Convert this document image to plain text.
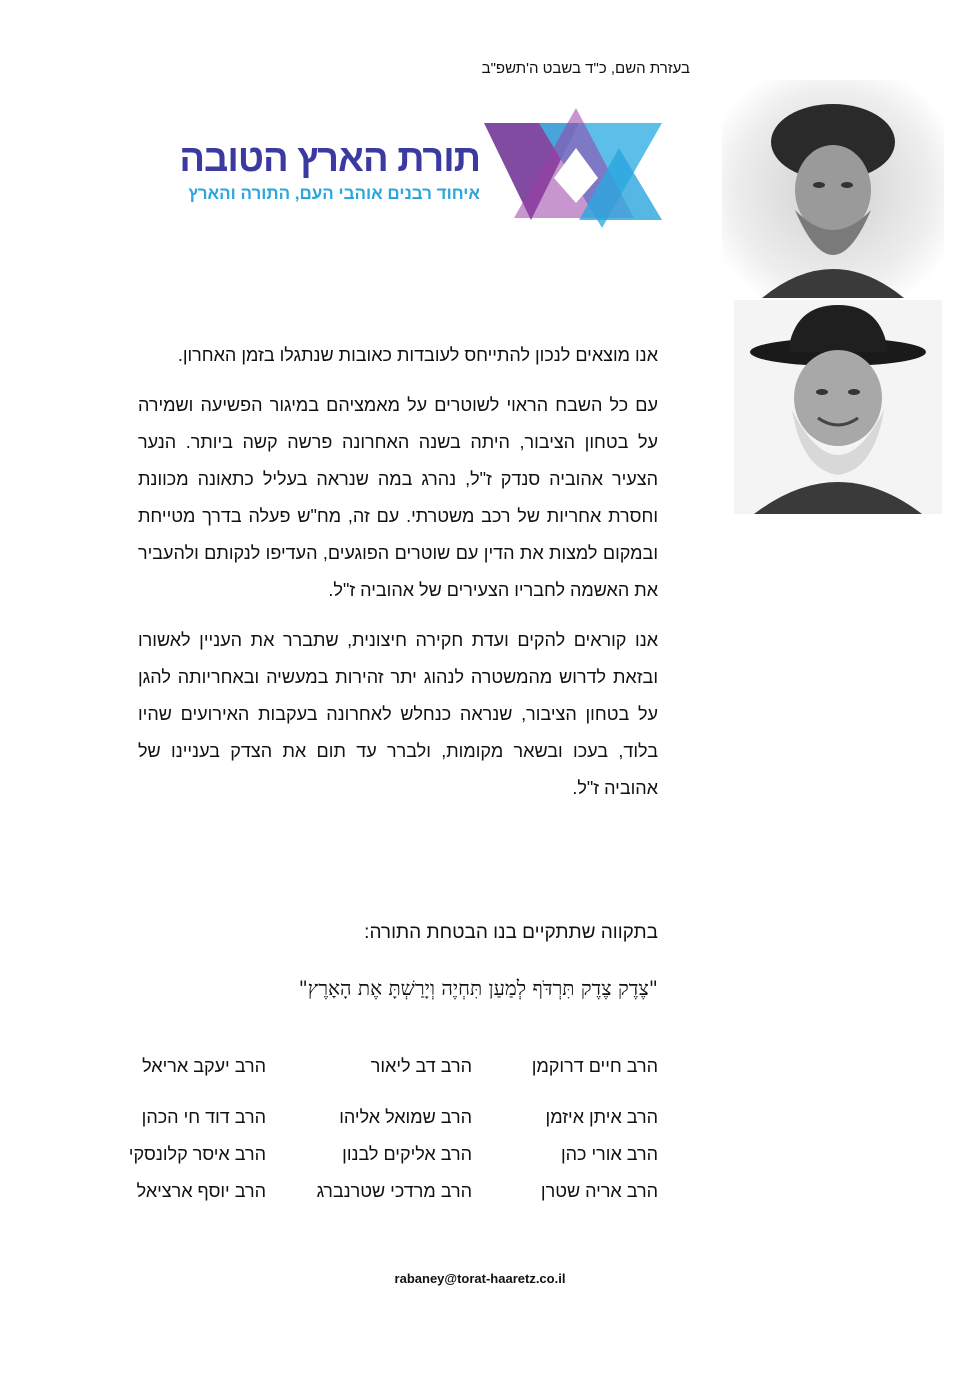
בעזרת השם, כ"ד בשבט ה'תשפ"ב
תורת הארץ הטובה
איחוד רבנים אוהבי העם, התורה והארץ

אנו מוצאים לנכון להתייחס לעובדות כאובות שנתגלו בזמן האחרון.

עם כל השבח הראוי לשוטרים על מאמציהם במיגור הפשיעה ושמירה על בטחון הציבור, היתה בשנה האחרונה פרשה קשה ביותר. הנער הצעיר אהוביה סנדק ז"ל, נהרג במה שנראה בעליל כתאונה מכוונת וחסרת אחריות של רכב משטרתי. עם זה, מח"ש פעלה בדרך מטייחת ובמקום למצות את הדין עם שוטרים הפוגעים, העדיפו לנקותם ולהעביר את האשמה לחבריו הצעירים של אהוביה ז"ל.

אנו קוראים להקים ועדת חקירה חיצונית, שתברר את העניין לאשורו ובזאת לדרוש מהמשטרה לנהוג יתר זהירות במעשיה ובאחריותה להגן על בטחון הציבור, שנראה כנחלש לאחרונה בעקבות האירועים שהיו בלוד, בעכו ובשאר מקומות, ולברר עד תום את הצדק בעניינו של אהוביה ז"ל.

בתקווה שתתקיים בנו הבטחת התורה:
"צֶדֶק צֶדֶק תִּרְדֹּף לְמַעַן תִּחְיֶה וְיָרַשְׁתָּ אֶת הָאָרֶץ"
הרב חיים דרוקמן
הרב דב ליאור
הרב יעקב אריאל
הרב איתן איזמן
הרב שמואל אליהו
הרב דוד חי הכהן
הרב אורי כהן
הרב אליקים לבנון
הרב איסר קלונסקי
הרב אריה שטרן
הרב מרדכי שטרנברג
הרב יוסף ארציאל
rabaney@torat-haaretz.co.il
